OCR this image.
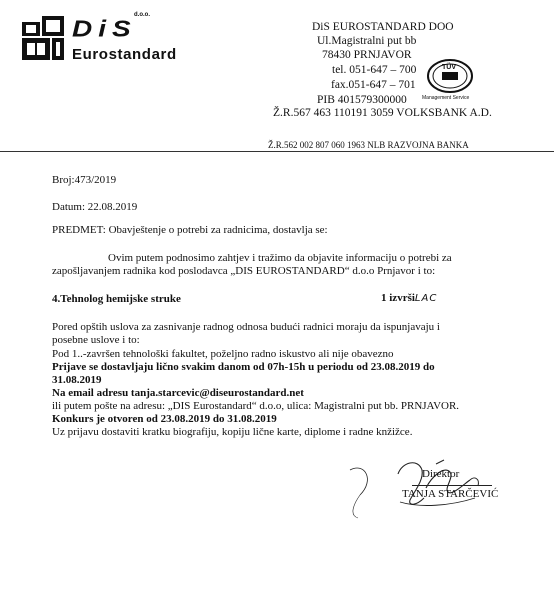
d.o.o.
DiS
Eurostandard
DiS EUROSTANDARD DOO
Ul.Magistralni put bb
78430 PRNJAVOR
tel. 051-647 – 700
fax.051-647 – 701
PIB 401579300000
Ž.R.567 463 110191 3059 VOLKSBANK A.D.
TÜV
Management Service
Ž.R.562 002 807 060 1963 NLB RAZVOJNA BANKA
Broj:473/2019
Datum: 22.08.2019
PREDMET: Obavještenje o potrebi za radnicima, dostavlja se:
Ovim putem podnosimo zahtjev i tražimo da objavite informaciju o potrebi za
zapošljavanjem radnika kod poslodavca „DIS EUROSTANDARD“ d.o.o Prnjavor i to:
4.Tehnolog hemijske struke	1 izvršiLAC
Pored opštih uslova za zasnivanje radnog odnosa budući radnici moraju da ispunjavaju i
posebne uslove i to:
Pod 1..-završen tehnološki fakultet, poželjno radno iskustvo ali nije obavezno
Prijave se dostavljaju lično svakim danom od 07h-15h u periodu od 23.08.2019 do
31.08.2019
Na email adresu tanja.starcevic@diseurostandard.net
ili putem pošte na adresu: „DIS Eurostandard“ d.o.o, ulica: Magistralni put bb. PRNJAVOR.
Konkurs je otvoren od 23.08.2019 do 31.08.2019
Uz prijavu dostaviti kratku biografiju, kopiju lične karte, diplome i radne knžižce.
Direktor
TANJA STARČEVIĆ
